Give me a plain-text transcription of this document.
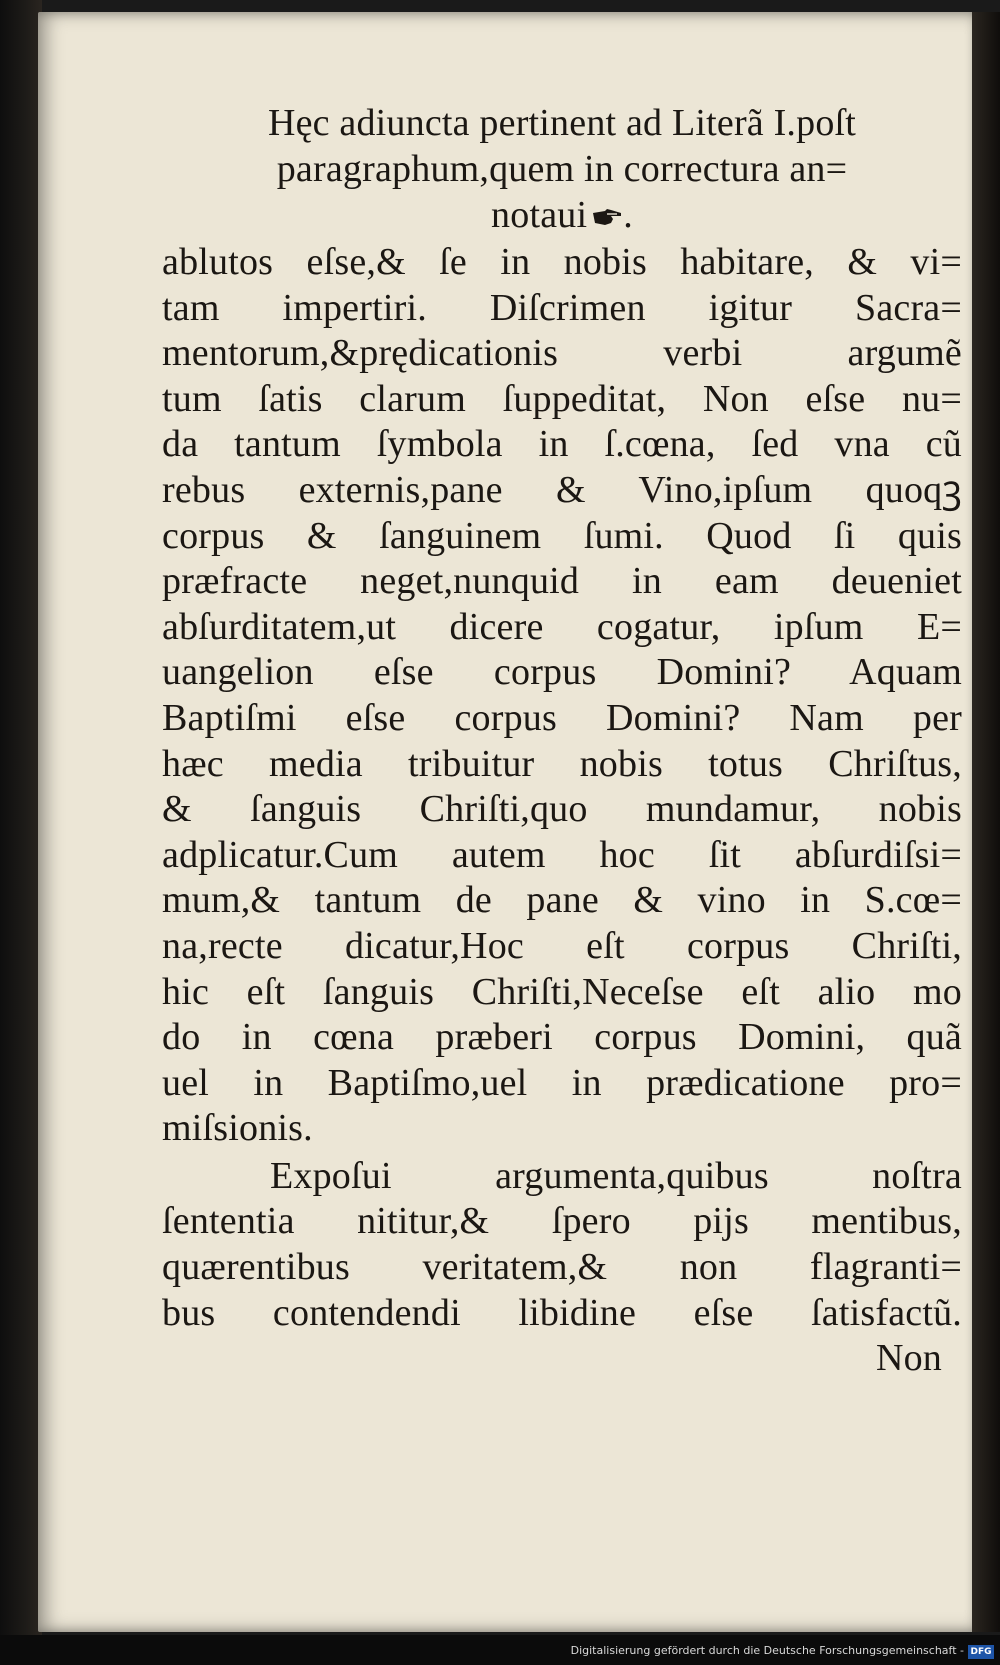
Hęc adiuncta pertinent ad Literã I.poſt
paragraphum,quem in correctura an=
notaui .
ablutos eſse,& ſe in nobis habitare, & vi=
tam impertiri. Diſcrimen igitur Sacra=
mentorum,&prędicationis verbi argumẽ
tum ſatis clarum ſuppeditat, Non eſse nu=
da tantum ſymbola in ſ.cœna, ſed vna cũ
rebus externis,pane & Vino,ipſum quoqꝫ
corpus & ſanguinem ſumi. Quod ſi quis
præfracte neget,nunquid in eam deueniet
abſurditatem,ut dicere cogatur, ipſum E=
uangelion eſse corpus Domini? Aquam
Baptiſmi eſse corpus Domini? Nam per
hæc media tribuitur nobis totus Chriſtus,
& ſanguis Chriſti,quo mundamur, nobis
adplicatur.Cum autem hoc ſit abſurdiſsi=
mum,& tantum de pane & vino in S.cœ=
na,recte dicatur,Hoc eſt corpus Chriſti,
hic eſt ſanguis Chriſti,Neceſse eſt alio mo
do in cœna præberi corpus Domini, quã
uel in Baptiſmo,uel in prædicatione pro=
miſsionis.
Expoſui argumenta,quibus noſtra
ſententia nititur,& ſpero pijs mentibus,
quærentibus veritatem,& non flagranti=
bus contendendi libidine eſse ſatisfactũ.
Non
Digitalisierung gefördert durch die Deutsche Forschungsgemeinschaft - DFG
